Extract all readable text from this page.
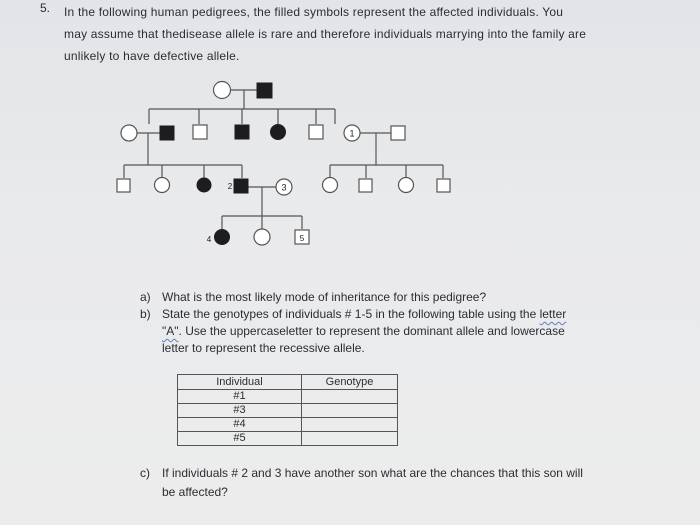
5. In the following human pedigrees, the filled symbols represent the affected individuals. You
may assume that thedisease allele is rare and therefore individuals marrying into the family are
unlikely to have defective allele.
1
2	3
4	5
a) What is the most likely mode of inheritance for this pedigree?
b) State the genotypes of individuals # 1-5 in the following table using the letter
"A". Use the uppercaseletter to represent the dominant allele and lowercase
letter to represent the recessive allele.
Individual	Genotype
#1	
#3	
#4	
#5	
c)	If individuals # 2 and 3 have another son what are the chances that this son will
be affected?
